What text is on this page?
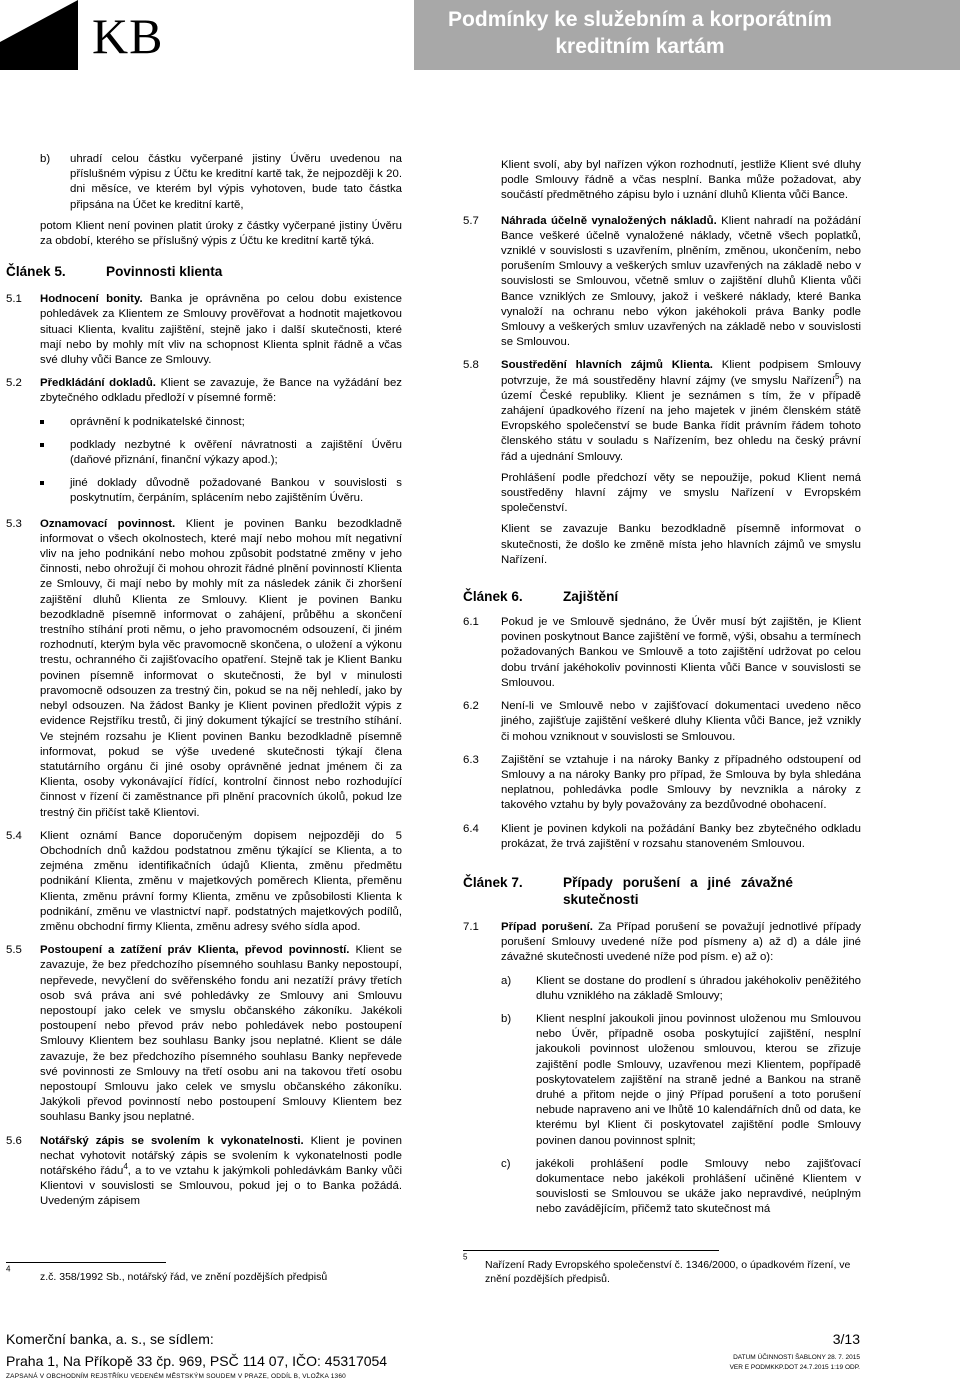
KB	Podmínky ke služebním a korporátním kreditním kartám
b)	uhradí celou částku vyčerpané jistiny Úvěru uvedenou na příslušném výpisu z Účtu ke kreditní kartě tak, že nejpozději k 20. dni měsíce, ve kterém byl výpis vyhotoven, bude tato částka připsána na Účet ke kreditní kartě,

potom Klient není povinen platit úroky z částky vyčerpané jistiny Úvěru za období, kterého se příslušný výpis z Účtu ke kreditní kartě týká.

Článek 5.	Povinnosti klienta
5.1	Hodnocení bonity. Banka je oprávněna po celou dobu existence pohledávek za Klientem ze Smlouvy prověřovat a hodnotit majetkovou situaci Klienta, kvalitu zajištění, stejně jako i další skutečnosti, které mají nebo by mohly mít vliv na schopnost Klienta splnit řádně a včas své dluhy vůči Bance ze Smlouvy.

5.2	Předkládání dokladů. Klient se zavazuje, že Bance na vyžádání bez zbytečného odkladu předloží v písemné formě:

oprávnění k podnikatelské činnost;
podklady nezbytné k ověření návratnosti a zajištění Úvěru (daňové přiznání, finanční výkazy apod.);
jiné doklady důvodně požadované Bankou v souvislosti s poskytnutím, čerpáním, splácením nebo zajištěním Úvěru.
5.3	Oznamovací povinnost. Klient je povinen Banku bezodkladně informovat o všech okolnostech, které mají nebo mohou mít negativní vliv na jeho podnikání nebo mohou způsobit podstatné změny v jeho činnosti, nebo ohrožují či mohou ohrozit řádné plnění povinností Klienta ze Smlouvy, či mají nebo by mohly mít za následek zánik či zhoršení zajištění dluhů Klienta ze Smlouvy. Klient je povinen Banku bezodkladně písemně informovat o zahájení, průběhu a skončení trestního stíhání proti němu, o jeho pravomocném odsouzení, či jiném rozhodnutí, kterým byla věc pravomocně skončena, o uložení a výkonu trestu, ochranného či zajišťovacího opatření. Stejně tak je Klient Banku povinen písemně informovat o skutečnosti, že byl v minulosti pravomocně odsouzen za trestný čin, pokud se na něj nehledí, jako by nebyl odsouzen. Na žádost Banky je Klient povinen předložit výpis z evidence Rejstříku trestů, či jiný dokument týkající se trestního stíhání. Ve stejném rozsahu je Klient povinen Banku bezodkladně písemně informovat, pokud se výše uvedené skutečnosti týkají člena statutárního orgánu či jiné osoby oprávněné jednat jménem či za Klienta, osoby vykonávající řídící, kontrolní činnost nebo rozhodující činnost v řízení či zaměstnance při plnění pracovních úkolů, pokud lze trestný čin přičíst takě Klientovi.

5.4	Klient oznámí Bance doporučeným dopisem nejpozději do 5 Obchodních dnů každou podstatnou změnu týkající se Klienta, a to zejména změnu identifikačních údajů Klienta, změnu předmětu podnikání Klienta, změnu v majetkových poměrech Klienta, přeměnu Klienta, změnu právní formy Klienta, změnu ve způsobilosti Klienta k podnikání, změnu ve vlastnictví např. podstatných majetkových podílů, změnu obchodní firmy Klienta, změnu adresy svého sídla apod.

5.5	Postoupení a zatížení práv Klienta, převod povinností. Klient se zavazuje, že bez předchozího písemného souhlasu Banky nepostoupí, nepřevede, nevyčlení do svěřenského fondu ani nezatíží právy třetích osob svá práva ani své pohledávky ze Smlouvy ani Smlouvu nepostoupí jako celek ve smyslu občanského zákoníku. Jakékoli postoupení nebo převod práv nebo pohledávek nebo postoupení Smlouvy Klientem bez souhlasu Banky jsou neplatné. Klient se dále zavazuje, že bez předchozího písemného souhlasu Banky nepřevede své povinnosti ze Smlouvy na třetí osobu ani na takovou třetí osobu nepostoupí Smlouvu jako celek ve smyslu občanského zákoníku. Jakýkoli převod povinností nebo postoupení Smlouvy Klientem bez souhlasu Banky jsou neplatné.

5.6	Notářský zápis se svolením k vykonatelnosti. Klient je povinen nechat vyhotovit notářský zápis se svolením k vykonatelnosti podle notářského řádu$^4$, a to ve vztahu k jakýmkoli pohledávkám Banky vůči Klientovi v souvislosti se Smlouvou, pokud jej o to Banka požádá. Uvedeným zápisem

Klient svolí, aby byl nařízen výkon rozhodnutí, jestliže Klient své dluhy podle Smlouvy řádně a včas nesplní. Banka může požadovat, aby součástí předmětného zápisu bylo i uznání dluhů Klienta vůči Bance.

5.7	Náhrada účelně vynaložených nákladů. Klient nahradí na požádání Bance veškeré účelně vynaložené náklady, včetně všech poplatků, vzniklé v souvislosti s uzavřením, plněním, změnou, ukončením, nebo porušením Smlouvy a veškerých smluv uzavřených na základě nebo v souvislosti se Smlouvou, včetně smluv o zajištění dluhů Klienta vůči Bance vzniklých ze Smlouvy, jakož i veškeré náklady, které Banka vynaloží na ochranu nebo výkon jakéhokoli práva Banky podle Smlouvy a veškerých smluv uzavřených na základě nebo v souvislosti se Smlouvou.

5.8	Soustředění hlavních zájmů Klienta. Klient podpisem Smlouvy potvrzuje, že má soustředěny hlavní zájmy (ve smyslu Nařízení$^5$) na území České republiky. Klient je seznámen s tím, že v případě zahájení úpadkového řízení na jeho majetek v jiném členském státě Evropského společenství se bude Banka řídit právním řádem tohoto členského státu v souladu s Nařízením, bez ohledu na český právní řád a ujednání Smlouvy.

Prohlášení podle předchozí věty se nepoužije, pokud Klient nemá soustředěny hlavní zájmy ve smyslu Nařízení v Evropském společenství.

Klient se zavazuje Banku bezodkladně písemně informovat o skutečnosti, že došlo ke změně místa jeho hlavních zájmů ve smyslu Nařízení.

Článek 6.	Zajištění
6.1	Pokud je ve Smlouvě sjednáno, že Úvěr musí být zajištěn, je Klient povinen poskytnout Bance zajištění ve formě, výši, obsahu a termínech požadovaných Bankou ve Smlouvě a toto zajištění udržovat po celou dobu trvání jakéhokoliv povinnosti Klienta vůči Bance v souvislosti se Smlouvou.

6.2	Není-li ve Smlouvě nebo v zajišťovací dokumentaci uvedeno něco jiného, zajišťuje zajištění veškeré dluhy Klienta vůči Bance, jež vznikly či mohou vzniknout v souvislosti se Smlouvou.

6.3	Zajištění se vztahuje i na nároky Banky z případného odstoupení od Smlouvy a na nároky Banky pro případ, že Smlouva by byla shledána neplatnou, pohledávka podle Smlouvy by nevznikla a nároky z takového vztahu by byly považovány za bezdůvodné obohacení.

6.4	Klient je povinen kdykoli na požádání Banky bez zbytečného odkladu prokázat, že trvá zajištění v rozsahu stanoveném Smlouvou.

Článek 7.	Případy porušení a jiné závažné skutečnosti
7.1	Případ porušení. Za Případ porušení se považují jednotlivé případy porušení Smlouvy uvedené níže pod písmeny a) až d) a dále jiné závažné skutečnosti uvedené níže pod písm. e) až o):

a)	Klient se dostane do prodlení s úhradou jakéhokoliv peněžitého dluhu vzniklého na základě Smlouvy;
b)	Klient nesplní jakoukoli jinou povinnost uloženou mu Smlouvou nebo Úvěr, případně osoba poskytující zajištění, nesplní jakoukoli povinnost uloženou smlouvou, kterou se zřizuje zajištění podle Smlouvy, uzavřenou mezi Klientem, popřípadě poskytovatelem zajištění na straně jedné a Bankou na straně druhé a přitom nejde o jiný Případ porušení a toto porušení nebude napraveno ani ve lhůtě 10 kalendářních dnů od data, ke kterému byl Klient či poskytovatel zajištění podle Smlouvy povinen danou povinnost splnit;
c)	jakékoli prohlášení podle Smlouvy nebo zajišťovací dokumentace nebo jakékoli prohlášení učiněné Klientem v souvislosti se Smlouvou se ukáže jako nepravdivé, neúplným nebo zavádějícím, přičemž tato skutečnost má
$^4$
z.č. 358/1992 Sb., notářský řád, ve znění pozdějších předpisů
$^5$
Nařízení Rady Evropského společenství č. 1346/2000, o úpadkovém řízení, ve znění pozdějších předpisů.
Komerční banka, a. s., se sídlem:
Praha 1, Na Příkopě 33 čp. 969, PSČ 114 07, IČO: 45317054
ZAPSANÁ V OBCHODNÍM REJSTŘÍKU VEDENÉM MĚSTSKÝM SOUDEM V PRAZE, ODDÍL B, VLOŽKA 1360
3/13
DATUM ÚČINNOSTI ŠABLONY 28. 7. 2015
VER E PODMKKP.DOT 24.7.2015 1:19 ODP.
